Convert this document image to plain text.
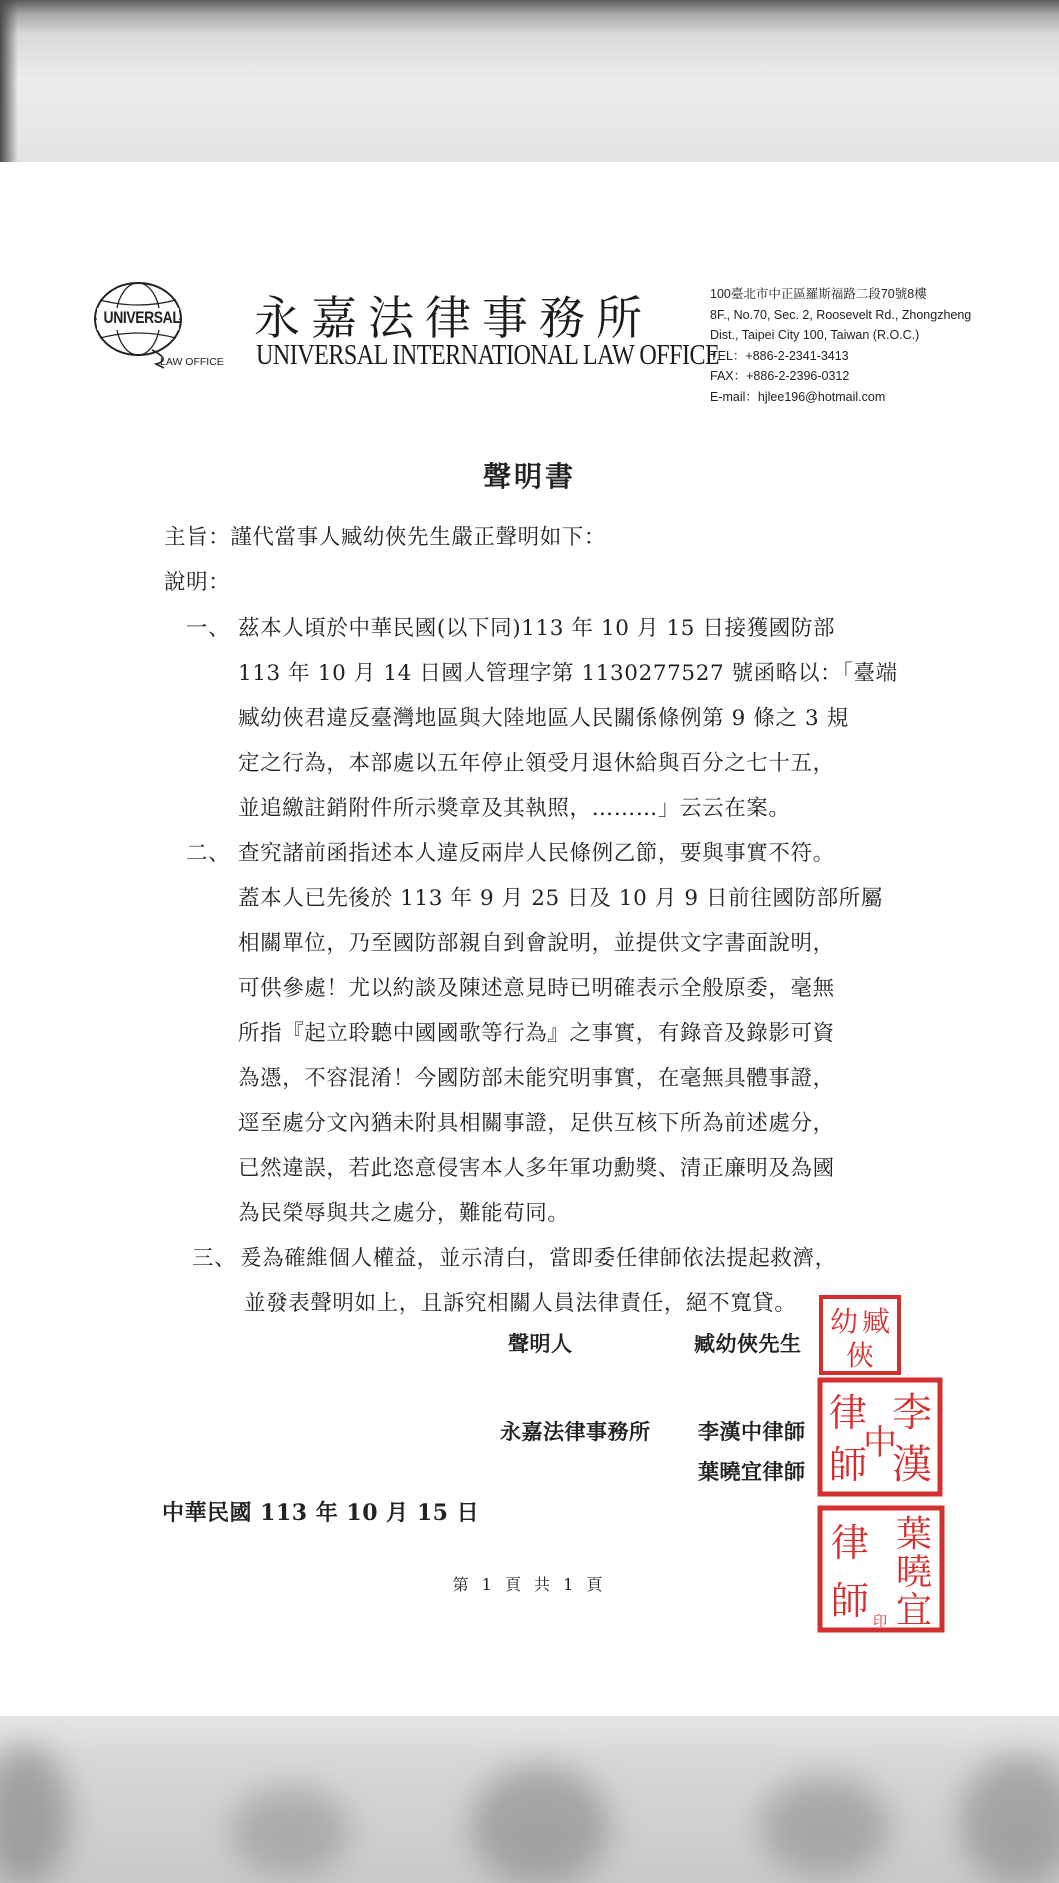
UNIVERSAL
LAW OFFICE
永嘉法律事務所
UNIVERSAL INTERNATIONAL LAW OFFICE
100臺北市中正區羅斯福路二段70號8樓
8F., No.70, Sec. 2, Roosevelt Rd., Zhongzheng
Dist., Taipei City 100, Taiwan (R.O.C.)
TEL：+886-2-2341-3413
FAX：+886-2-2396-0312
E-mail：hjlee196@hotmail.com
聲明書
主旨：謹代當事人臧幼俠先生嚴正聲明如下：
說明：
一、 茲本人頃於中華民國(以下同)113 年 10 月 15 日接獲國防部
113 年 10 月 14 日國人管理字第 1130277527 號函略以：「臺端
臧幼俠君違反臺灣地區與大陸地區人民關係條例第 9 條之 3 規
定之行為，本部處以五年停止領受月退休給與百分之七十五，
並追繳註銷附件所示獎章及其執照，………」云云在案。
二、 查究諸前函指述本人違反兩岸人民條例乙節，要與事實不符。
蓋本人已先後於 113 年 9 月 25 日及 10 月 9 日前往國防部所屬
相關單位，乃至國防部親自到會說明，並提供文字書面說明，
可供參處！尤以約談及陳述意見時已明確表示全般原委，毫無
所指『起立聆聽中國國歌等行為』之事實，有錄音及錄影可資
為憑，不容混淆！今國防部未能究明事實，在毫無具體事證，
逕至處分文內猶未附具相關事證，足供互核下所為前述處分，
已然違誤，若此恣意侵害本人多年軍功勳獎、清正廉明及為國
為民榮辱與共之處分，難能苟同。
三、 爰為確維個人權益，並示清白，當即委任律師依法提起救濟，
並發表聲明如上，且訴究相關人員法律責任，絕不寬貸。
聲明人	臧幼俠先生
永嘉法律事務所 李漢中律師
葉曉宜律師
中華民國 113 年 10 月 15 日
第 1 頁 共 1 頁
臧
幼
俠
李
漢
中
律
師
葉
曉
宜
律
師 印
